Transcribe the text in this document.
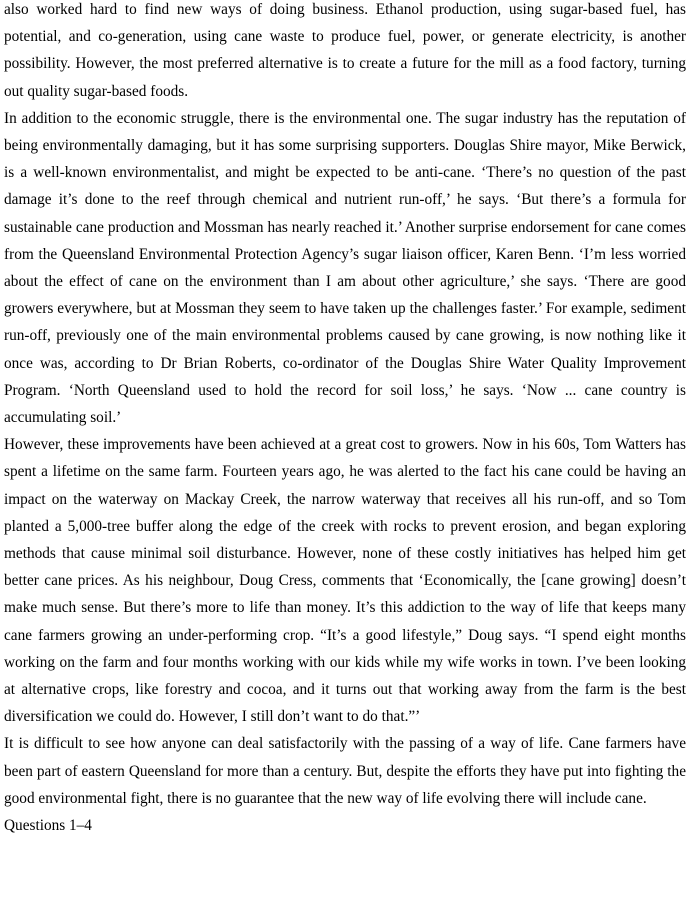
also worked hard to find new ways of doing business. Ethanol production, using sugar-based fuel, has potential, and co-generation, using cane waste to produce fuel, power, or generate electricity, is another possibility. However, the most preferred alternative is to create a future for the mill as a food factory, turning out quality sugar-based foods.

In addition to the economic struggle, there is the environmental one. The sugar industry has the reputation of being environmentally damaging, but it has some surprising supporters. Douglas Shire mayor, Mike Berwick, is a well-known environmentalist, and might be expected to be anti-cane. ‘There’s no question of the past damage it’s done to the reef through chemical and nutrient run-off,’ he says. ‘But there’s a formula for sustainable cane production and Mossman has nearly reached it.’ Another surprise endorsement for cane comes from the Queensland Environmental Protection Agency’s sugar liaison officer, Karen Benn. ‘I’m less worried about the effect of cane on the environment than I am about other agriculture,’ she says. ‘There are good growers everywhere, but at Mossman they seem to have taken up the challenges faster.’ For example, sediment run-off, previously one of the main environmental problems caused by cane growing, is now nothing like it once was, according to Dr Brian Roberts, co-ordinator of the Douglas Shire Water Quality Improvement Program. ‘North Queensland used to hold the record for soil loss,’ he says. ‘Now ... cane country is accumulating soil.’

However, these improvements have been achieved at a great cost to growers. Now in his 60s, Tom Watters has spent a lifetime on the same farm. Fourteen years ago, he was alerted to the fact his cane could be having an impact on the waterway on Mackay Creek, the narrow waterway that receives all his run-off, and so Tom planted a 5,000-tree buffer along the edge of the creek with rocks to prevent erosion, and began exploring methods that cause minimal soil disturbance. However, none of these costly initiatives has helped him get better cane prices. As his neighbour, Doug Cress, comments that ‘Economically, the [cane growing] doesn’t make much sense. But there’s more to life than money. It’s this addiction to the way of life that keeps many cane farmers growing an under-performing crop. “It’s a good lifestyle,” Doug says. “I spend eight months working on the farm and four months working with our kids while my wife works in town. I’ve been looking at alternative crops, like forestry and cocoa, and it turns out that working away from the farm is the best diversification we could do. However, I still don’t want to do that.”’

It is difficult to see how anyone can deal satisfactorily with the passing of a way of life. Cane farmers have been part of eastern Queensland for more than a century. But, despite the efforts they have put into fighting the good environmental fight, there is no guarantee that the new way of life evolving there will include cane.

Questions 1–4
